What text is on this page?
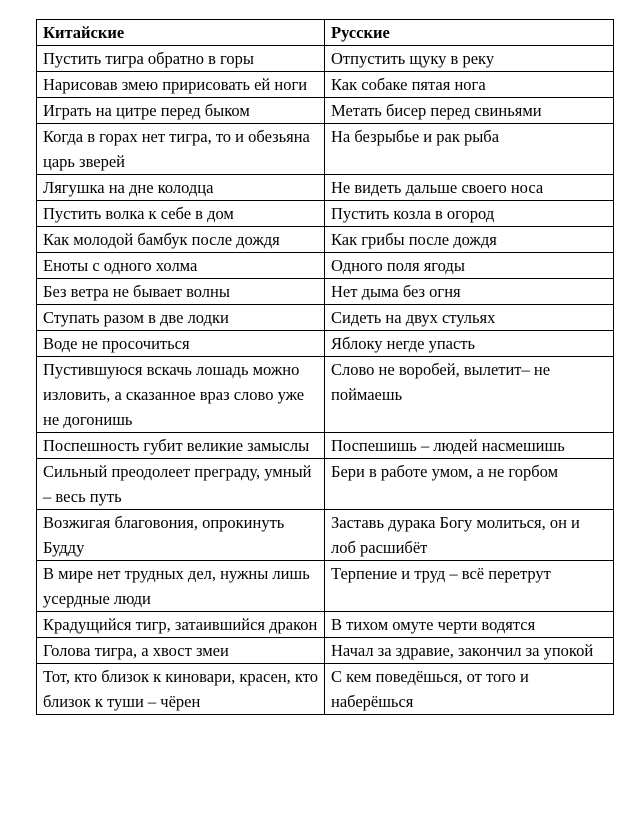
Китайские	Русские
Пустить тигра обратно в горы	Отпустить щуку в реку
Нарисовав змею пририсовать ей ноги	Как собаке пятая нога
Играть на цитре перед быком	Метать бисер перед свиньями
Когда в горах нет тигра, то и обезьяна царь зверей	На безрыбье и рак рыба
Лягушка на дне колодца	Не видеть дальше своего носа
Пустить волка к себе в дом	Пустить козла в огород
Как молодой бамбук после дождя	Как грибы после дождя
Еноты с одного холма	Одного поля ягоды
Без ветра не бывает волны	Нет дыма без огня
Ступать разом в две лодки	Сидеть на двух стульях
Воде не просочиться	Яблоку негде упасть
Пустившуюся вскачь лошадь можно изловить, а сказанное враз слово уже не догонишь	Слово не воробей, вылетит– не поймаешь
Поспешность губит великие замыслы	Поспешишь – людей насмешишь
Сильный преодолеет преграду, умный – весь путь	Бери в работе умом, а не горбом
Возжигая благовония, опрокинуть Будду	Заставь дурака Богу молиться, он и лоб расшибёт
В мире нет трудных дел, нужны лишь усердные люди	Терпение и труд – всё перетрут
Крадущийся тигр, затаившийся дракон	В тихом омуте черти водятся
Голова тигра, а хвост змеи	Начал за здравие, закончил за упокой
Тот, кто близок к киновари, красен, кто близок к туши – чёрен	С кем поведёшься, от того и наберёшься
